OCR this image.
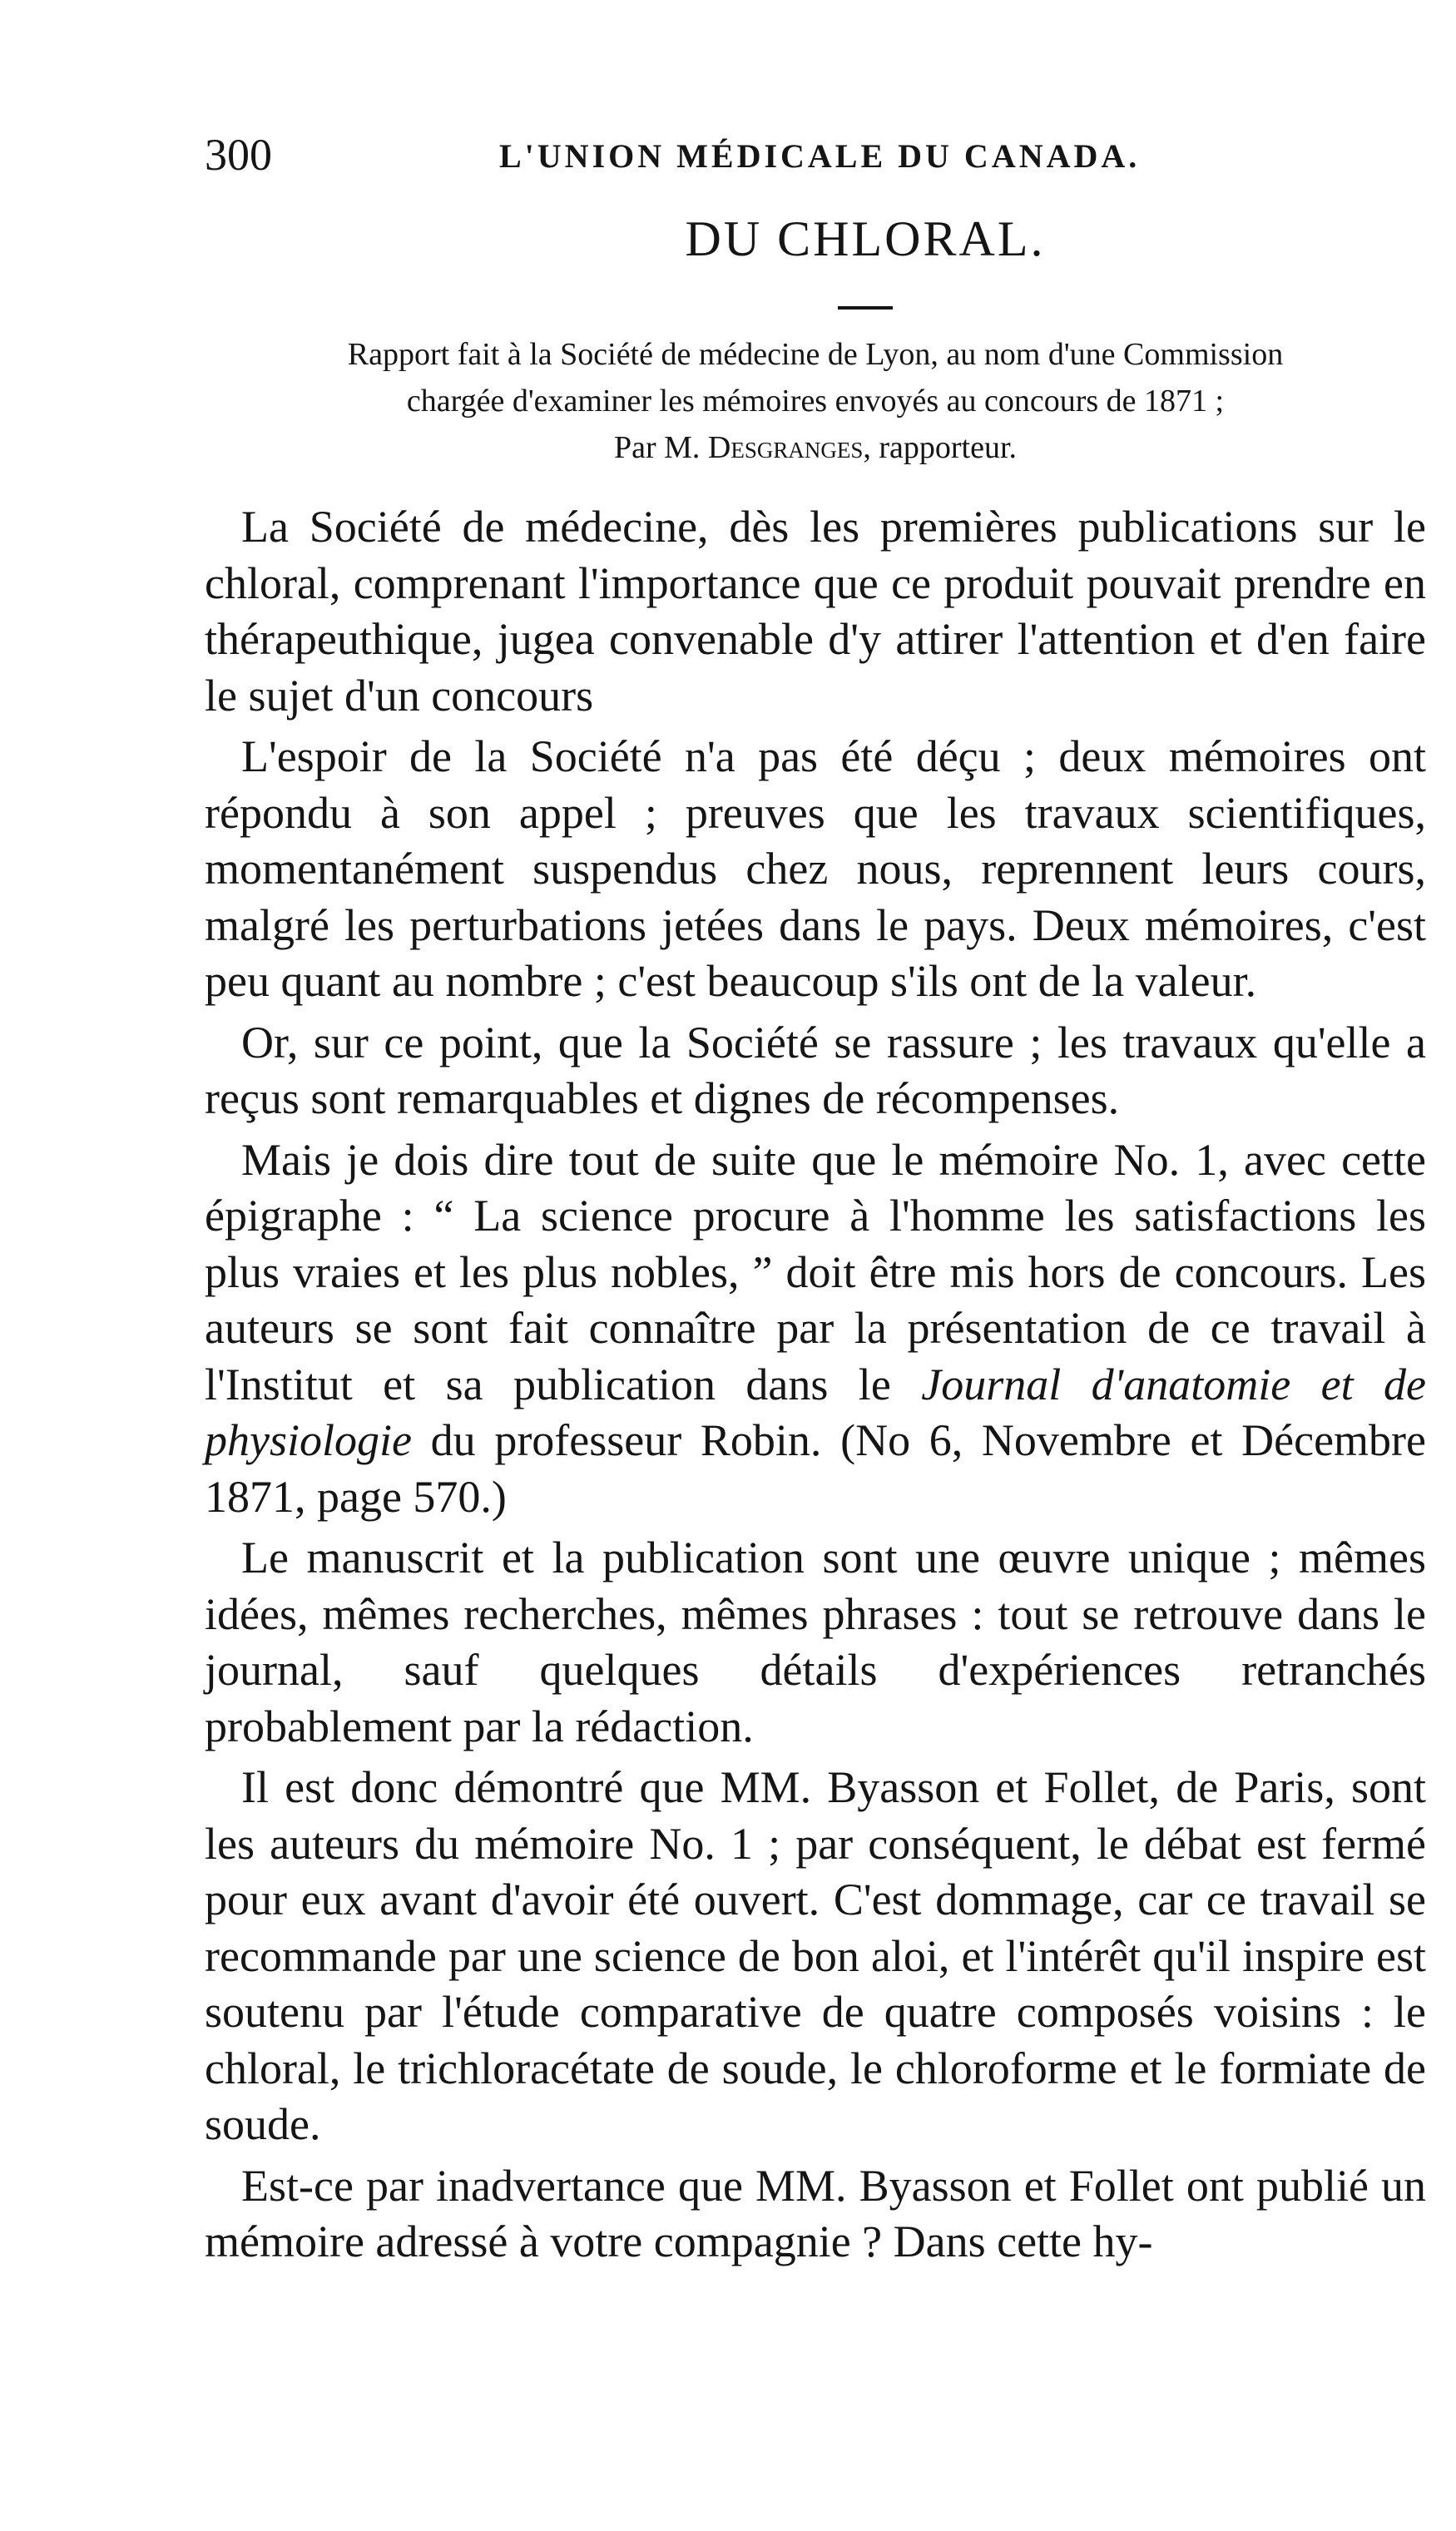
300	L'UNION MÉDICALE DU CANADA.
DU CHLORAL.
Rapport fait à la Société de médecine de Lyon, au nom d'une Commission
chargée d'examiner les mémoires envoyés au concours de 1871 ;
Par M. Desgranges, rapporteur.

La Société de médecine, dès les premières publications sur le chloral, comprenant l'importance que ce produit pouvait prendre en thérapeuthique, jugea convenable d'y attirer l'attention et d'en faire le sujet d'un concours

L'espoir de la Société n'a pas été déçu ; deux mémoires ont répondu à son appel ; preuves que les travaux scientifiques, momentanément suspendus chez nous, reprennent leurs cours, malgré les perturbations jetées dans le pays. Deux mémoires, c'est peu quant au nombre ; c'est beaucoup s'ils ont de la valeur.

Or, sur ce point, que la Société se rassure ; les travaux qu'elle a reçus sont remarquables et dignes de récompenses.

Mais je dois dire tout de suite que le mémoire No. 1, avec cette épigraphe : “ La science procure à l'homme les satisfactions les plus vraies et les plus nobles, ” doit être mis hors de concours. Les auteurs se sont fait connaître par la présentation de ce travail à l'Institut et sa publication dans le Journal d'anatomie et de physiologie du professeur Robin. (No 6, Novembre et Décembre 1871, page 570.)

Le manuscrit et la publication sont une œuvre unique ; mêmes idées, mêmes recherches, mêmes phrases : tout se retrouve dans le journal, sauf quelques détails d'expériences retranchés probablement par la rédaction.

Il est donc démontré que MM. Byasson et Follet, de Paris, sont les auteurs du mémoire No. 1 ; par conséquent, le débat est fermé pour eux avant d'avoir été ouvert. C'est dommage, car ce travail se recommande par une science de bon aloi, et l'intérêt qu'il inspire est soutenu par l'étude comparative de quatre composés voisins : le chloral, le trichloracétate de soude, le chloroforme et le formiate de soude.

Est-ce par inadvertance que MM. Byasson et Follet ont publié un mémoire adressé à votre compagnie ? Dans cette hy-
